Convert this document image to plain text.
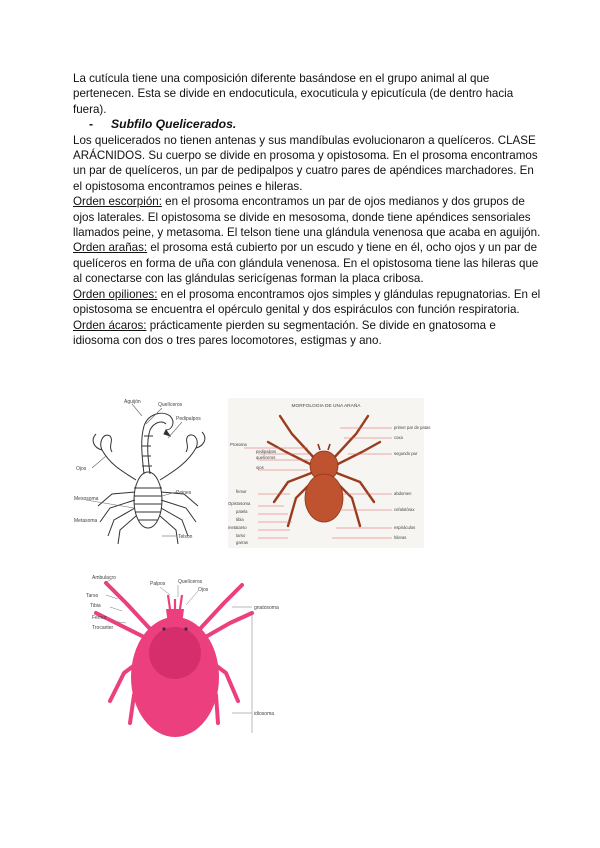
La cutícula tiene una composición diferente basándose en el grupo animal al que pertenecen. Esta se divide en endocuticula, exocuticula y epicutícula (de dentro hacia fuera).

- Subfilo Quelicerados.

Los quelicerados no tienen antenas y sus mandíbulas evolucionaron a quelíceros. CLASE ARÁCNIDOS. Su cuerpo se divide en prosoma y opistosoma. En el prosoma encontramos un par de quelíceros, un par de pedipalpos y cuatro pares de apéndices marchadores. En el opistosoma encontramos peines e hileras.

Orden escorpión: en el prosoma encontramos un par de ojos medianos y dos grupos de ojos laterales. El opistosoma se divide en mesosoma, donde tiene apéndices sensoriales llamados peine, y metasoma. El telson tiene una glándula venenosa que acaba en aguijón.

Orden arañas: el prosoma está cubierto por un escudo y tiene en él, ocho ojos y un par de quelíceros en forma de uña con glándula venenosa. En el opistosoma tiene las hileras que al conectarse con las glándulas sericígenas forman la placa cribosa.

Orden opiliones: en el prosoma encontramos ojos simples y glándulas repugnatorias. En el opistosoma se encuentra el opérculo genital y dos espiráculos con función respiratoria.

Orden ácaros: prácticamente pierden su segmentación. Se divide en gnatosoma e idiosoma con dos o tres pares locomotores, estigmas y ano.

Aguijón	Quelíceros
Pedipalpos
Ojos
Peines
Mesosoma
Metasoma
Telson
MORFOLOGIA DE UNA ARAÑA
Prosoma
pedipalpos
quelíceros
ojos
femur
Opistosoma
patela
tibia
metatarso
tarso
garras
primer par de patas
coxa
segundo par
abdomen
cefalotórax
espiráculos
hileras
Ambulacro
Tarso
Tibia
Fémur
Trocanter
Palpos	Quelíceros
Ojos
gnatosoma
idiosoma
